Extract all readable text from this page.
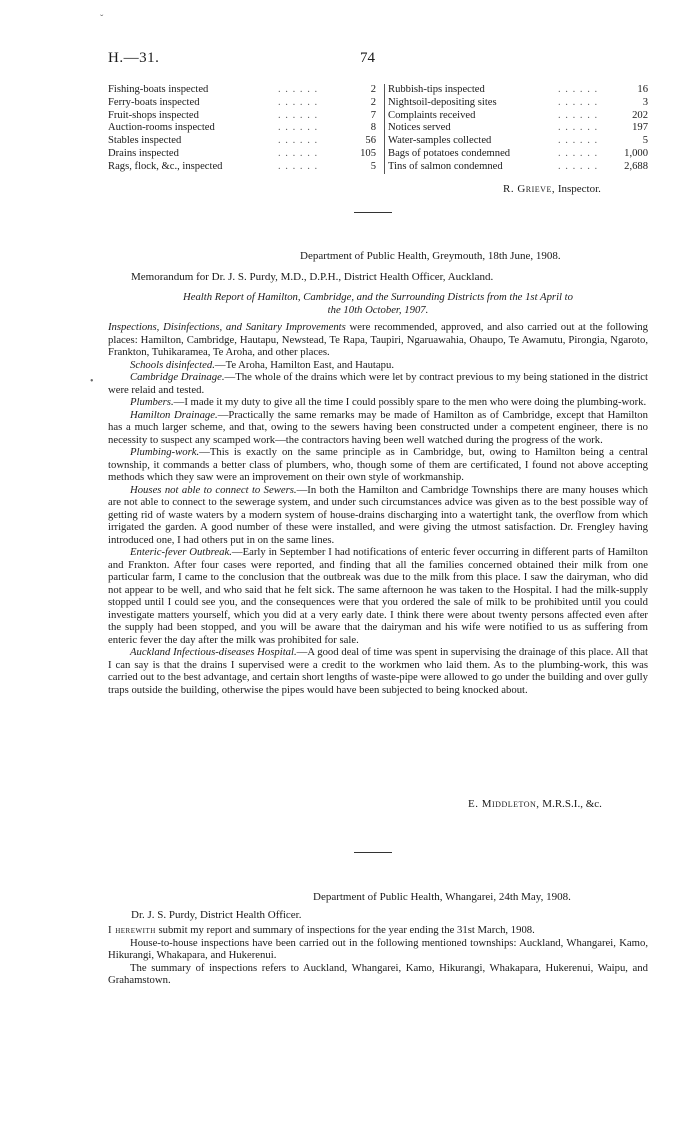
ˇ
H.—31.	74
Fishing-boats inspected	. . . . . .	2
Ferry-boats inspected	. . . . . .	2
Fruit-shops inspected	. . . . . .	7
Auction-rooms inspected	. . . . . .	8
Stables inspected	. . . . . .	56
Drains inspected	. . . . . .	105
Rags, flock, &c., inspected	. . . . . .	5
Rubbish-tips inspected	. . . . . .	16
Nightsoil-depositing sites	. . . . . .	3
Complaints received	. . . . . .	202
Notices served	. . . . . .	197
Water-samples collected	. . . . . .	5
Bags of potatoes condemned	. . . . . . 1,000
Tins of salmon condemned	. . . . . . 2,688
R. Grieve, Inspector.
Department of Public Health, Greymouth, 18th June, 1908.
Memorandum for Dr. J. S. Purdy, M.D., D.P.H., District Health Officer, Auckland.
Health Report of Hamilton, Cambridge, and the Surrounding Districts from the 1st April to
the 10th October, 1907.

Inspections, Disinfections, and Sanitary Improvements were recommended, approved, and also carried out at the following places: Hamilton, Cambridge, Hautapu, Newstead, Te Rapa, Taupiri, Ngaruawahia, Ohaupo, Te Awamutu, Pirongia, Ngaroto, Frankton, Tuhikaramea, Te Aroha, and other places.

Schools disinfected.—Te Aroha, Hamilton East, and Hautapu.

Cambridge Drainage.—The whole of the drains which were let by contract previous to my being stationed in the district were relaid and tested.

Plumbers.—I made it my duty to give all the time I could possibly spare to the men who were doing the plumbing-work.

Hamilton Drainage.—Practically the same remarks may be made of Hamilton as of Cambridge, except that Hamilton has a much larger scheme, and that, owing to the sewers having been constructed under a competent engineer, there is no necessity to suspect any scamped work—the contractors having been well watched during the progress of the work.

Plumbing-work.—This is exactly on the same principle as in Cambridge, but, owing to Hamilton being a central township, it commands a better class of plumbers, who, though some of them are certificated, I found not above accepting methods which they saw were an improvement on their own style of workmanship.

Houses not able to connect to Sewers.—In both the Hamilton and Cambridge Townships there are many houses which are not able to connect to the sewerage system, and under such circumstances advice was given as to the best possible way of getting rid of waste waters by a modern system of house-drains discharging into a watertight tank, the overflow from which irrigated the garden. A good number of these were installed, and were giving the utmost satisfaction. Dr. Frengley having introduced one, I had others put in on the same lines.

Enteric-fever Outbreak.—Early in September I had notifications of enteric fever occurring in different parts of Hamilton and Frankton. After four cases were reported, and finding that all the families concerned obtained their milk from one particular farm, I came to the conclusion that the outbreak was due to the milk from this place. I saw the dairyman, who did not appear to be well, and who said that he felt sick. The same afternoon he was taken to the Hospital. I had the milk-supply stopped until I could see you, and the consequences were that you ordered the sale of milk to be prohibited until you could investigate matters yourself, which you did at a very early date. I think there were about twenty persons affected even after the supply had been stopped, and you will be aware that the dairyman and his wife were notified to us as suffering from enteric fever the day after the milk was prohibited for sale.

Auckland Infectious-diseases Hospital.—A good deal of time was spent in supervising the drainage of this place. All that I can say is that the drains I supervised were a credit to the workmen who laid them. As to the plumbing-work, this was carried out to the best advantage, and certain short lengths of waste-pipe were allowed to go under the building and over gully traps outside the building, otherwise the pipes would have been subjected to being knocked about.

•
E. Middleton, M.R.S.I., &c.
Department of Public Health, Whangarei, 24th May, 1908.
Dr. J. S. Purdy, District Health Officer.

I herewith submit my report and summary of inspections for the year ending the 31st March, 1908.

House-to-house inspections have been carried out in the following mentioned townships: Auckland, Whangarei, Kamo, Hikurangi, Whakapara, and Hukerenui.

The summary of inspections refers to Auckland, Whangarei, Kamo, Hikurangi, Whakapara, Hukerenui, Waipu, and Grahamstown.
